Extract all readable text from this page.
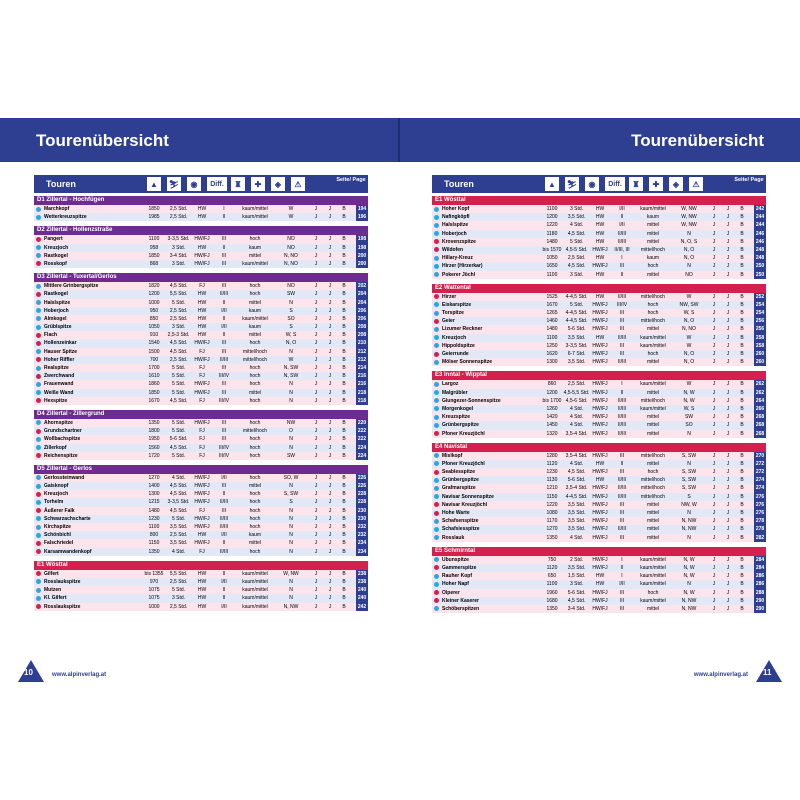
Tourenübersicht	Tourenübersicht
Touren	▲	⛷	◉	Diff.	♜	✚	◈	⚠	Seite/ Page
D1 Zillertal - Hochfügen
Marchkopf	1850	2,5 Std.	HW	I	kaum/mittel	W	J	J	B	194
Wetterkreuzspitze	1985	2,5 Std.	HW	II	kaum/mittel	W	J	J	B	196
D2 Zillertal - Hollenzstraße
Pangert	1100	3-3,5 Std.	HW/FJ	III	hoch	NO	J	J	B	198
Kreuzjoch	958	3 Std.	HW	II	kaum	NO	J	J	B	198
Rastkogel	1850	3-4 Std.	HW/FJ	III	mittel	N, NO	J	J	B	200
Rosskopf	868	3 Std.	HW/FJ	III	kaum/mittel	N, NO	J	J	B	200
D3 Zillertal - Tuxertal/Gerlos
Mittlere Grinbergspitze	1820	4,5 Std.	FJ	III	hoch	NO	J	J	B	202
Rastkogel	1200	5,5 Std.	HW	II/III	hoch	SW	J	J	B	204
Halslspitze	1000	5 Std.	HW	II	mittel	N	J	J	B	204
Hoberjoch	950	2,5 Std.	HW	I/II	kaum	S	J	J	B	206
Almkogel	850	2,5 Std.	HW	II	kaum/mittel	SO	J	J	B	206
Grüblspitze	1050	3 Std.	HW	I/II	kaum	S	J	J	B	208
Flach	910	2,5-3 Std.	HW	II	mittel	W, S	J	J	B	208
Hollenzeinkar	1540	4,5 Std.	HW/FJ	III	hoch	N, O	J	J	B	210
Hauser Spitze	1500	4,5 Std.	FJ	III	mittel/hoch	N	J	J	B	212
Hoher Riffler	700	2,5 Std.	HW/FJ	II/III	mittel/hoch	W	J	J	B	212
Realspitze	1700	5 Std.	FJ	III	hoch	N, SW	J	J	B	214
Zwerchwand	1610	5 Std.	FJ	III/IV	hoch	N, SW	J	J	B	216
Frauenwand	1860	5 Std.	HW/FJ	III	hoch	N	J	J	B	216
Weiße Wand	1850	5 Std.	HW/FJ	III	mittel	N	J	J	B	218
Hexspitze	1670	4,5 Std.	FJ	III/IV	hoch	N	J	J	B	218
D4 Zillertal - Zillergrund
Ahornspitze	1350	5 Std.	HW/FJ	III	hoch	NW	J	J	B	220
Grundschartner	1800	5 Std.	FJ	III	mittel/hoch	O	J	J	B	222
Wollbachspitze	1950	5-6 Std.	FJ	III	hoch	N	J	J	B	222
Zillerkopf	1560	4,5 Std.	FJ	III/IV	hoch	N	J	J	B	224
Reichenspitze	1720	5 Std.	FJ	III/IV	hoch	SW	J	J	B	224
D5 Zillertal - Gerlos
Gerlossteinwand	1270	4 Std.	HW/FJ	I/II	hoch	SO, W	J	J	B	226
Gaisknopf	1400	4,5 Std.	HW/FJ	III	mittel	N	J	J	B	226
Kreuzjoch	1300	4,5 Std.	HW/FJ	II	hoch	S, SW	J	J	B	228
Torhelm	1215	3-3,5 Std.	HW/FJ	II/III	hoch	S	J	J	B	228
Äußerer Falk	1480	4,5 Std.	FJ	III	hoch	N	J	J	B	230
Schwarzachscharte	1230	5 Std.	HW/FJ	II/III	hoch	N	J	J	B	230
Kirchspitze	1100	3,5 Std.	HW/FJ	II/III	hoch	N	J	J	B	232
Schönbichl	800	2,5 Std.	HW	I/II	kaum	N	J	J	B	232
Falschriedel	1150	3,5 Std.	HW/FJ	II	mittel	N	J	J	B	234
Karsamwandenkopf	1350	4 Std.	FJ	II/III	hoch	N	J	J	B	234
E1 Wösttal
Gilfert	bis 1355	5,5 Std.	HW	II	kaum/mittel	W, NW	J	J	B	238
Rosslaukspitze	970	2,5 Std.	HW	I/II	kaum/mittel	N	J	J	B	238
Mutzen	1075	5 Std.	HW	II	kaum/mittel	N	J	J	B	240
Kl. Gilfert	1075	3 Std.	HW	II	kaum/mittel	N	J	J	B	240
Rosslaukspitze	1000	2,5 Std.	HW	I/II	kaum/mittel	N, NW	J	J	B	242
Touren	▲	⛷	◉	Diff.	♜	✚	◈	⚠	Seite/ Page
E1 Wösttal
Hoher Kopf	1100	3 Std.	HW	I/II	kaum/mittel	W, NW	J	J	B	242
Nafingköpfl	1200	3,5 Std.	HW	II	kaum	W, NW	J	J	B	244
Halslspitze	1220	4 Std.	HW	I/II	mittel	W, NW	J	J	B	244
Hoberjoch	1180	4,5 Std.	HW	II/III	mittel	N	J	J	B	246
Krovenzspitze	1480	5 Std.	HW	II/III	mittel	N, O, S	J	J	B	246
Wildofen	bis 1570 4,5-5 Std.	HW/FJ	II/III, III	mittel/hoch	N, O	J	J	B	248
Hillary-Kreuz	1050	2,5 Std.	HW	I	kaum	N, O	J	J	B	248
Hirzer (Hirzerkar)	1650	4,5 Std.	HW/FJ	III	hoch	N	J	J	B	250
Pokerer Jöchl	1100	3 Std.	HW	II	mittel	NO	J	J	B	250
E2 Wattental
Hirzer	1525	4-4,5 Std.	HW	II/III	mittel/hoch	W	J	J	B	252
Eiskarspitze	1670	5 Std.	HW/FJ	III/IV	hoch	NW, SW	J	J	B	254
Torspitze	1265	4-4,5 Std.	HW/FJ	III	hoch	W, S	J	J	B	254
Geier	1460	4-4,5 Std.	HW/FJ	III	mittel/hoch	N, O	J	J	B	256
Lizumer Reckner	1480	5-6 Std.	HW/FJ	III	mittel	N, NO	J	J	B	256
Kreuzjoch	1100	3,5 Std.	HW	II/III	kaum/mittel	W	J	J	B	258
Hippoldspitze	1250	3-3,5 Std.	HW/FJ	III	kaum/mittel	W	J	J	B	258
Geierrunde	1620	6-7 Std.	HW/FJ	III	hoch	N, O	J	J	B	260
Mölser Sonnenspitze	1300	3,5 Std.	HW/FJ	II/III	mittel	N, O	J	J	B	260
E3 Inntal - Wipptal
Largoz	860	2,5 Std.	HW/FJ	I	kaum/mittel	W	J	J	B	262
Malgrübler	1200	4,5-5,5 Std. HW/FJ	II	mittel	N, W	J	J	B	262
Glungezer-Sonnenspitze	bis 1700 4,5-6 Std.	HW/FJ	II/III	mittel/hoch	N, W	J	J	B	264
Morgenkogel	1260	4 Std.	HW/FJ	II/III	kaum/mittel	W, S	J	J	B	266
Kreuzspitze	1420	4 Std.	HW/FJ	II/III	mittel	SW	J	J	B	268
Grünbergspitze	1450	4 Std.	HW/FJ	II/III	mittel	SO	J	J	B	268
Pfoner Kreuzjöchl	1320	3,5-4 Std.	HW/FJ	II/III	mittel	N	J	J	B	268
E4 Navistal
Mislkopf	1280	3,5-4 Std.	HW/FJ	III	mittel/hoch	S, SW	J	J	B	270
Pfoner Kreuzjöchl	1120	4 Std.	HW	II	mittel	N	J	J	B	272
Seablesspitze	1230	4,5 Std.	HW/FJ	III	hoch	S, SW	J	J	B	272
Grünbergspitze	1130	5-6 Std.	HW	II/III	mittel/hoch	S, SW	J	J	B	274
Grafmarspitze	1210	3,5-4 Std.	HW/FJ	II/III	mittel/hoch	S, SW	J	J	B	274
Navisar Sonnenspitze	1150	4-4,5 Std.	HW/FJ	II/III	mittel/hoch	S	J	J	B	276
Navisar Kreuzjöchl	1220	3,5 Std.	HW/FJ	III	mittel	NW, W	J	J	B	276
Hohe Warte	1080	3,5 Std.	HW/FJ	III	mittel	N	J	J	B	276
Schafsenspitze	1170	3,5 Std.	HW/FJ	III	mittel	N, NW	J	J	B	278
Schafsiesspitze	1270	3,5 Std.	HW/FJ	II/III	mittel	N, NW	J	J	B	278
Rosslauk	1350	4 Std.	HW/FJ	III	mittel	N	J	J	B	282
E5 Schmirntal
Ubunspitze	750	2 Std.	HW/FJ	I	kaum/mittel	N, W	J	J	B	284
Gammerspitze	1120	3,5 Std.	HW/FJ	II	kaum/mittel	N, W	J	J	B	284
Rauher Kopf	650	1,5 Std.	HW	I	kaum/mittel	N, W	J	J	B	286
Hoher Napf	1100	3 Std.	HW	I/II	kaum/mittel	N	J	J	B	286
Olperer	1960	5-6 Std.	HW/FJ	III	hoch	N, W	J	J	B	288
Kleiner Kaserer	1680	4,5 Std.	HW/FJ	III	kaum/mittel	N, NW	J	J	B	290
Schöberspitzen	1350	3-4 Std.	HW/FJ	III	mittel	N, NW	J	J	B	290
10	www.alpinverlag.at	11
www.alpinverlag.at
